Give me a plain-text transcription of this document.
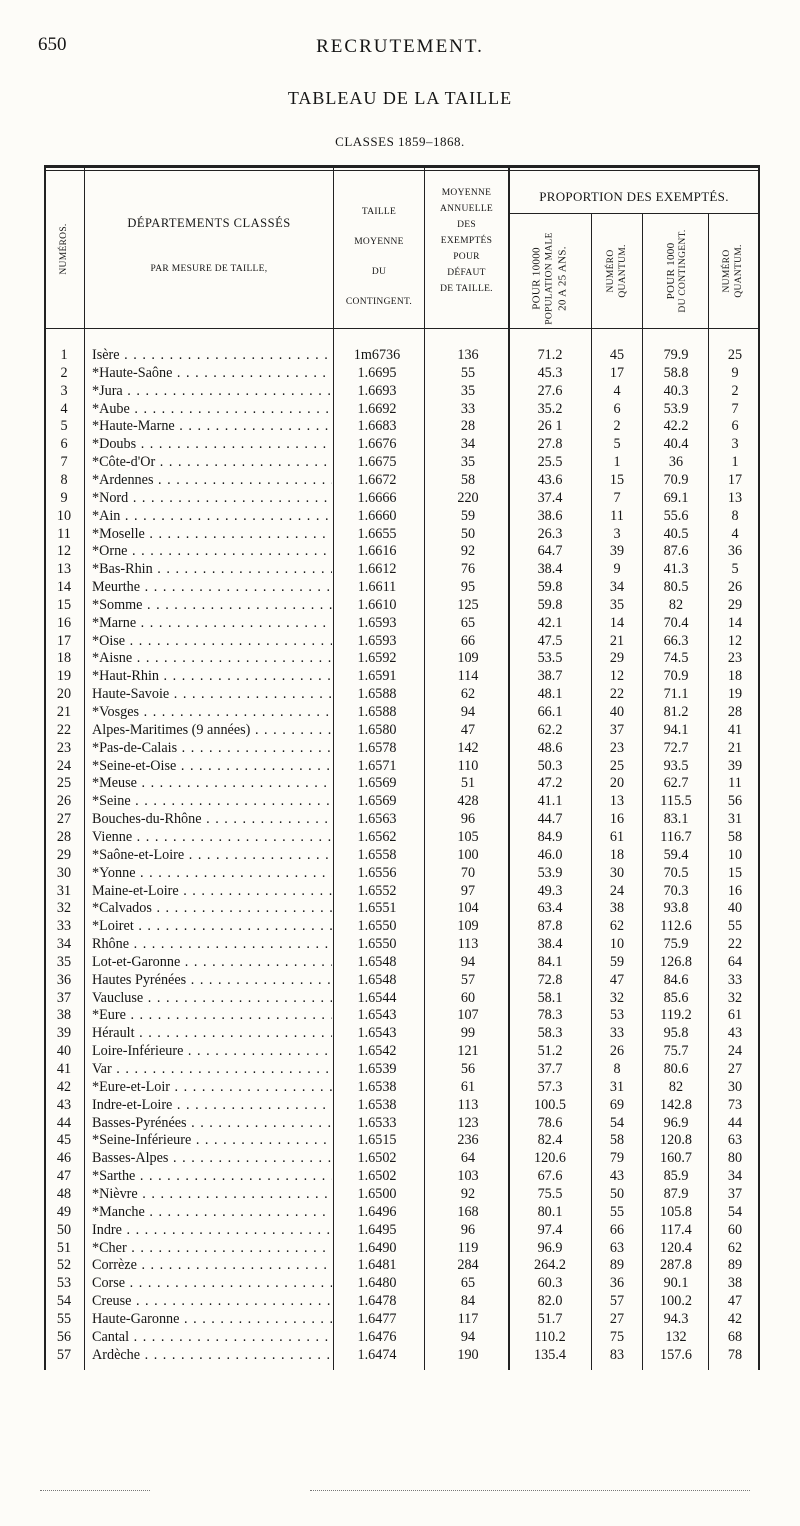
650	RECRUTEMENT.
TABLEAU DE LA TAILLE
CLASSES 1859–1868.
NUMÉROS.
DÉPARTEMENTS CLASSÉS
PAR MESURE DE TAILLE,
MOYENNE
ANNUELLE
DES
EXEMPTÉS
POUR
DÉFAUT
DE TAILLE.
TAILLE
MOYENNE
DU
CONTINGENT.
PROPORTION DES EXEMPTÉS.
POUR 10000 POPULATION MALE 20 A 25 ANS.	NUMÉRO QUANTUM.	POUR 1000 DU CONTINGENT.	NUMÉRO QUANTUM.
1	Isère . . .	1m6736	136	71.2	45	79.9	25
2	*Haute-Saône . . .	1.6695	55	45.3	17	58.8	9
3	*Jura . . .	1.6693	35	27.6	4	40.3	2
4	*Aube . . .	1.6692	33	35.2	6	53.9	7
5	*Haute-Marne . . .	1.6683	28	26 1	2	42.2	6
6	*Doubs . . .	1.6676	34	27.8	5	40.4	3
7	*Côte-d'Or . . .	1.6675	35	25.5	1	36	1
8	*Ardennes . . .	1.6672	58	43.6	15	70.9	17
9	*Nord . . .	1.6666	220	37.4	7	69.1	13
10	*Ain . . .	1.6660	59	38.6	11	55.6	8
11	*Moselle . . .	1.6655	50	26.3	3	40.5	4
12	*Orne . . .	1.6616	92	64.7	39	87.6	36
13	*Bas-Rhin . . .	1.6612	76	38.4	9	41.3	5
14	Meurthe . . .	1.6611	95	59.8	34	80.5	26
15	*Somme . . .	1.6610	125	59.8	35	82	29
16	*Marne . . .	1.6593	65	42.1	14	70.4	14
17	*Oise . . .	1.6593	66	47.5	21	66.3	12
18	*Aisne . . .	1.6592	109	53.5	29	74.5	23
19	*Haut-Rhin . . .	1.6591	114	38.7	12	70.9	18
20	Haute-Savoie . . .	1.6588	62	48.1	22	71.1	19
21	*Vosges . . .	1.6588	94	66.1	40	81.2	28
22	Alpes-Maritimes (9 années) . . .	1.6580	47	62.2	37	94.1	41
23	*Pas-de-Calais . . .	1.6578	142	48.6	23	72.7	21
24	*Seine-et-Oise . . .	1.6571	110	50.3	25	93.5	39
25	*Meuse . . .	1.6569	51	47.2	20	62.7	11
26	*Seine . . .	1.6569	428	41.1	13	115.5	56
27	Bouches-du-Rhône . . .	1.6563	96	44.7	16	83.1	31
28	Vienne . . .	1.6562	105	84.9	61	116.7	58
29	*Saône-et-Loire . . .	1.6558	100	46.0	18	59.4	10
30	*Yonne . . .	1.6556	70	53.9	30	70.5	15
31	Maine-et-Loire . . .	1.6552	97	49.3	24	70.3	16
32	*Calvados . . .	1.6551	104	63.4	38	93.8	40
33	*Loiret . . .	1.6550	109	87.8	62	112.6	55
34	Rhône . . .	1.6550	113	38.4	10	75.9	22
35	Lot-et-Garonne . . .	1.6548	94	84.1	59	126.8	64
36	Hautes Pyrénées . . .	1.6548	57	72.8	47	84.6	33
37	Vaucluse . . .	1.6544	60	58.1	32	85.6	32
38	*Eure . . .	1.6543	107	78.3	53	119.2	61
39	Hérault . . .	1.6543	99	58.3	33	95.8	43
40	Loire-Inférieure . . .	1.6542	121	51.2	26	75.7	24
41	Var . . .	1.6539	56	37.7	8	80.6	27
42	*Eure-et-Loir . . .	1.6538	61	57.3	31	82	30
43	Indre-et-Loire . . .	1.6538	113	100.5	69	142.8	73
44	Basses-Pyrénées . . .	1.6533	123	78.6	54	96.9	44
45	*Seine-Inférieure . . .	1.6515	236	82.4	58	120.8	63
46	Basses-Alpes . . .	1.6502	64	120.6	79	160.7	80
47	*Sarthe . . .	1.6502	103	67.6	43	85.9	34
48	*Nièvre . . .	1.6500	92	75.5	50	87.9	37
49	*Manche . . .	1.6496	168	80.1	55	105.8	54
50	Indre . . .	1.6495	96	97.4	66	117.4	60
51	*Cher . . .	1.6490	119	96.9	63	120.4	62
52	Corrèze . . .	1.6481	284	264.2	89	287.8	89
53	Corse . . .	1.6480	65	60.3	36	90.1	38
54	Creuse . . .	1.6478	84	82.0	57	100.2	47
55	Haute-Garonne . . .	1.6477	117	51.7	27	94.3	42
56	Cantal . . .	1.6476	94	110.2	75	132	68
57	Ardèche . . .	1.6474	190	135.4	83	157.6	78
